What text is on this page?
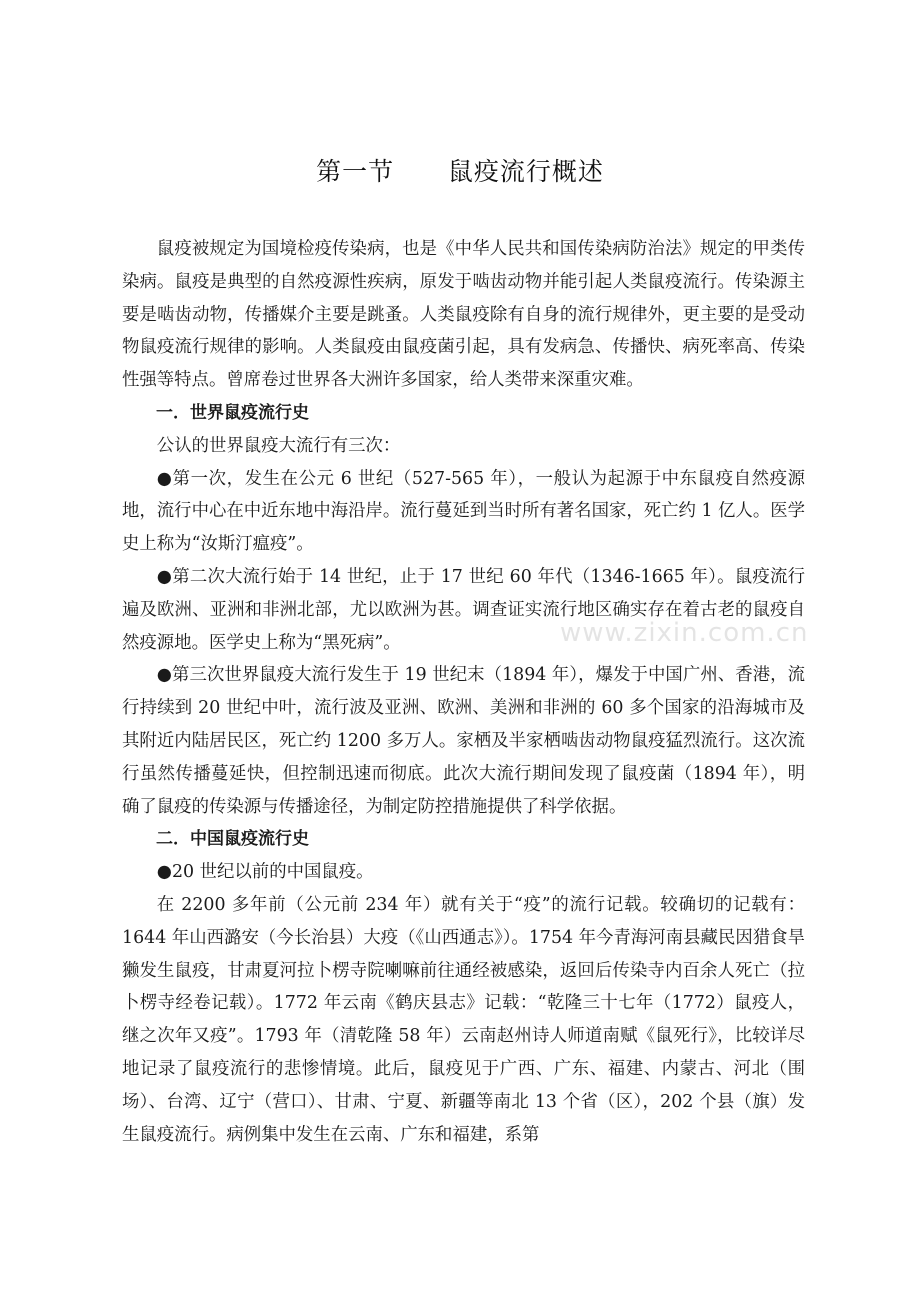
第一节      鼠疫流行概述

鼠疫被规定为国境检疫传染病，也是《中华人民共和国传染病防治法》规定的甲类传染病。鼠疫是典型的自然疫源性疾病，原发于啮齿动物并能引起人类鼠疫流行。传染源主要是啮齿动物，传播媒介主要是跳蚤。人类鼠疫除有自身的流行规律外，更主要的是受动物鼠疫流行规律的影响。人类鼠疫由鼠疫菌引起，具有发病急、传播快、病死率高、传染性强等特点。曾席卷过世界各大洲许多国家，给人类带来深重灾难。

一．世界鼠疫流行史

公认的世界鼠疫大流行有三次：

●第一次，发生在公元 6 世纪（527-565 年），一般认为起源于中东鼠疫自然疫源地，流行中心在中近东地中海沿岸。流行蔓延到当时所有著名国家，死亡约 1 亿人。医学史上称为“汝斯汀瘟疫”。

●第二次大流行始于 14 世纪，止于 17 世纪 60 年代（1346-1665 年）。鼠疫流行遍及欧洲、亚洲和非洲北部，尤以欧洲为甚。调查证实流行地区确实存在着古老的鼠疫自然疫源地。医学史上称为“黑死病”。

●第三次世界鼠疫大流行发生于 19 世纪末（1894 年），爆发于中国广州、香港，流行持续到 20 世纪中叶，流行波及亚洲、欧洲、美洲和非洲的 60 多个国家的沿海城市及其附近内陆居民区，死亡约 1200 多万人。家栖及半家栖啮齿动物鼠疫猛烈流行。这次流行虽然传播蔓延快，但控制迅速而彻底。此次大流行期间发现了鼠疫菌（1894 年），明确了鼠疫的传染源与传播途径，为制定防控措施提供了科学依据。

二．中国鼠疫流行史

●20 世纪以前的中国鼠疫。

在 2200 多年前（公元前 234 年）就有关于“疫”的流行记载。较确切的记载有：1644 年山西潞安（今长治县）大疫（《山西通志》）。1754 年今青海河南县藏民因猎食旱獭发生鼠疫，甘肃夏河拉卜楞寺院喇嘛前往通经被感染，返回后传染寺内百余人死亡（拉卜楞寺经卷记载）。1772 年云南《鹤庆县志》记载：“乾隆三十七年（1772）鼠疫人，继之次年又疫”。1793 年（清乾隆 58 年）云南赵州诗人师道南赋《鼠死行》，比较详尽地记录了鼠疫流行的悲惨情境。此后，鼠疫见于广西、广东、福建、内蒙古、河北（围场）、台湾、辽宁（营口）、甘肃、宁夏、新疆等南北 13 个省（区），202 个县（旗）发生鼠疫流行。病例集中发生在云南、广东和福建，系第

www.zixin.com.cn
